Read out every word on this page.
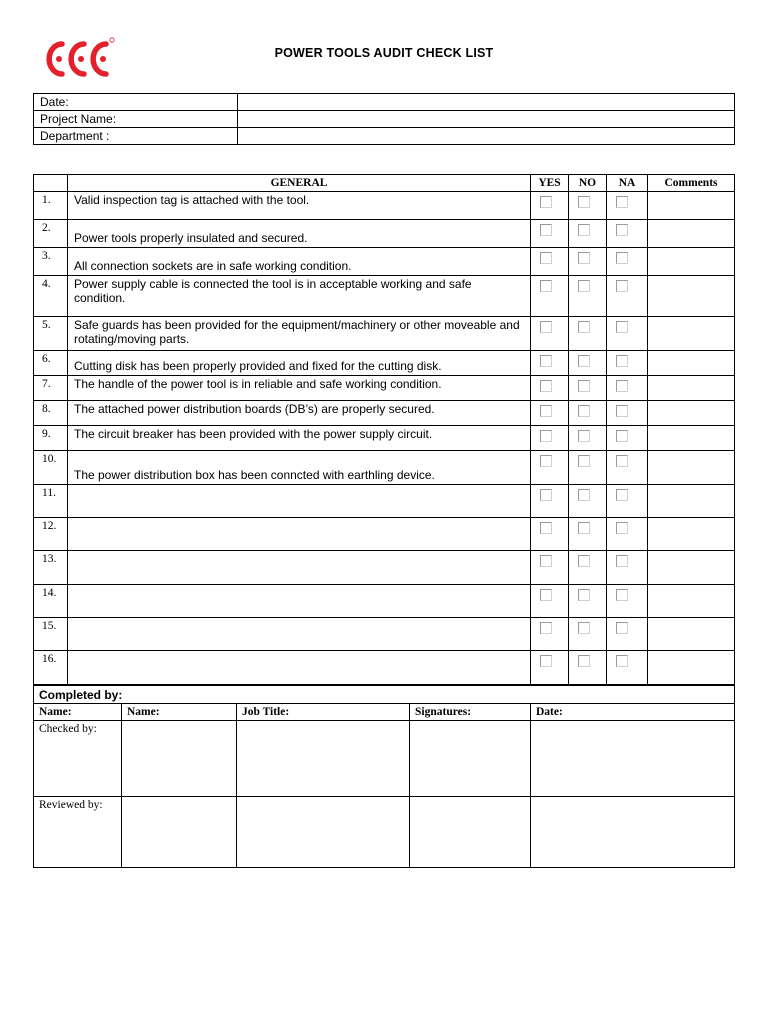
POWER TOOLS AUDIT CHECK LIST
Date:	
Project Name:	
Department :	
	GENERAL	YES	NO	NA	Comments
1.	Valid inspection tag is attached with the tool.				
2.	Power tools properly insulated and secured.				
3.	All connection sockets are in safe working condition.				
4.	Power supply cable is connected the tool is in acceptable working and safe condition.				
5.	Safe guards has been provided for the equipment/machinery or other moveable and rotating/moving parts.				
6.	Cutting disk has been properly provided and fixed for the cutting disk.				
7.	The handle of the power tool is in reliable and safe working condition.				
8.	The attached power distribution boards (DB’s) are properly secured.				
9.	The circuit breaker has been provided with the power supply circuit.				
10.	The power distribution box has been conncted with earthling device.				
11.					
12.					
13.					
14.					
15.					
16.					
Completed by:				
Name:	Name:	Job Title:	Signatures:	Date:
Checked by:				
Reviewed by:				
